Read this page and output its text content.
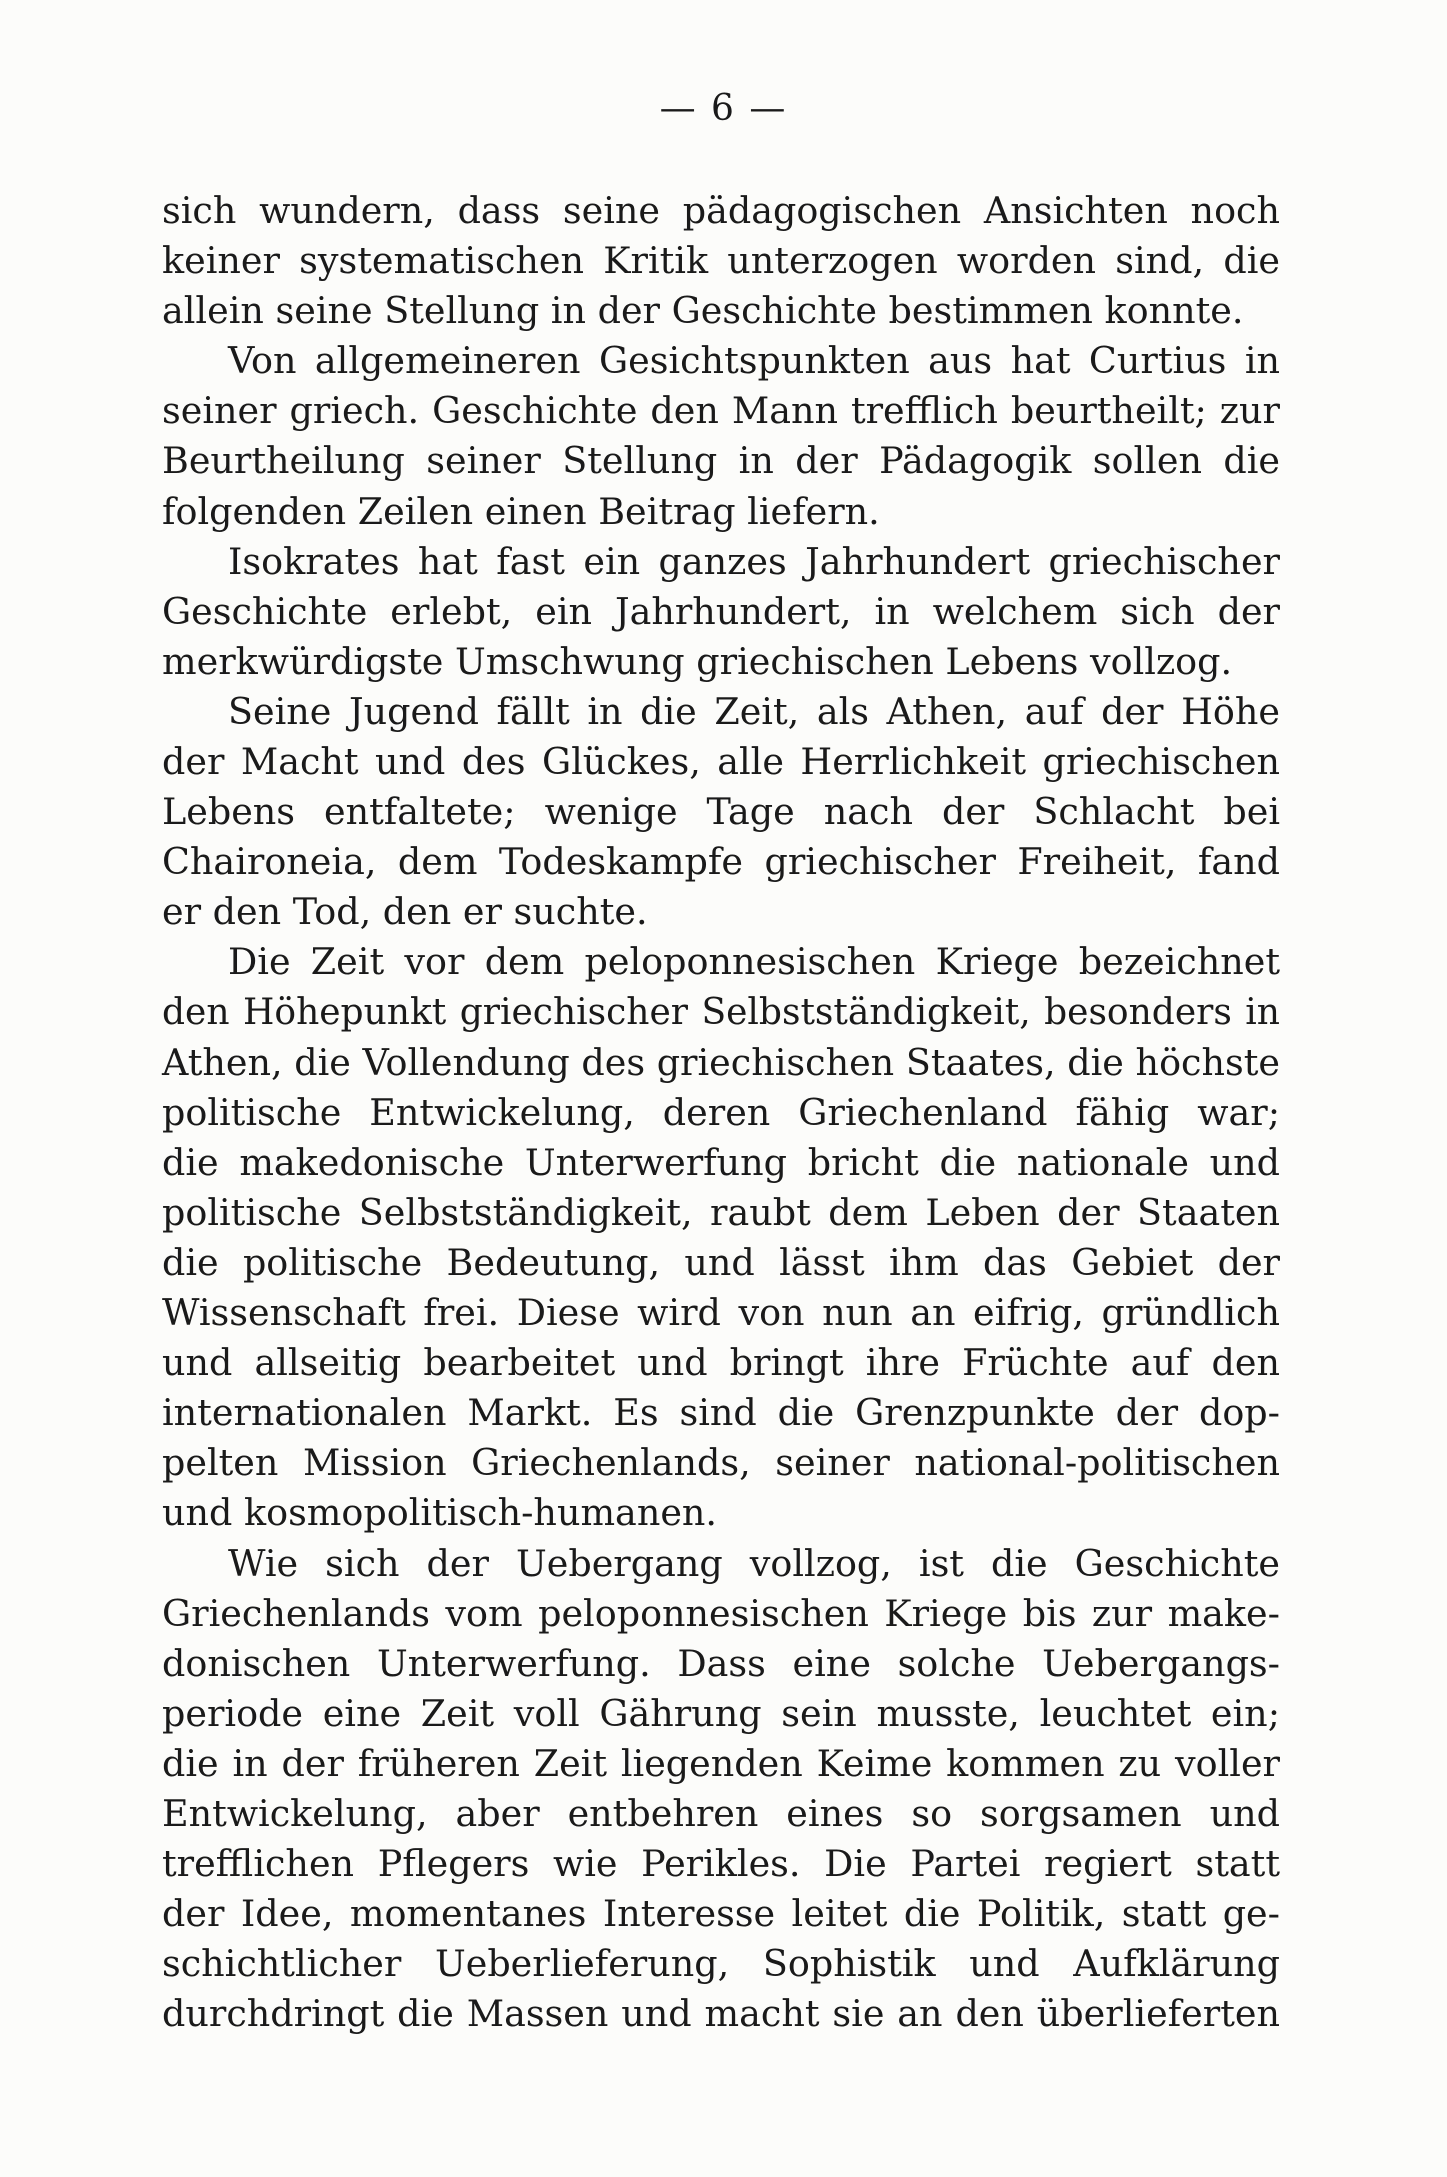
— 6 —
sich wundern, dass seine pädagogischen Ansichten noch
keiner systematischen Kritik unterzogen worden sind, die
allein seine Stellung in der Geschichte bestimmen konnte.
Von allgemeineren Gesichtspunkten aus hat Curtius in
seiner griech. Geschichte den Mann trefflich beurtheilt; zur
Beurtheilung seiner Stellung in der Pädagogik sollen die
folgenden Zeilen einen Beitrag liefern.
Isokrates hat fast ein ganzes Jahrhundert griechischer
Geschichte erlebt, ein Jahrhundert, in welchem sich der
merkwürdigste Umschwung griechischen Lebens vollzog.
Seine Jugend fällt in die Zeit, als Athen, auf der Höhe
der Macht und des Glückes, alle Herrlichkeit griechischen
Lebens entfaltete; wenige Tage nach der Schlacht bei
Chaironeia, dem Todeskampfe griechischer Freiheit, fand
er den Tod, den er suchte.
Die Zeit vor dem peloponnesischen Kriege bezeichnet
den Höhepunkt griechischer Selbstständigkeit, besonders in
Athen, die Vollendung des griechischen Staates, die höchste
politische Entwickelung, deren Griechenland fähig war;
die makedonische Unterwerfung bricht die nationale und
politische Selbstständigkeit, raubt dem Leben der Staaten
die politische Bedeutung, und lässt ihm das Gebiet der
Wissenschaft frei. Diese wird von nun an eifrig, gründlich
und allseitig bearbeitet und bringt ihre Früchte auf den
internationalen Markt. Es sind die Grenzpunkte der dop-
pelten Mission Griechenlands, seiner national-politischen
und kosmopolitisch-humanen.
Wie sich der Uebergang vollzog, ist die Geschichte
Griechenlands vom peloponnesischen Kriege bis zur make-
donischen Unterwerfung. Dass eine solche Uebergangs-
periode eine Zeit voll Gährung sein musste, leuchtet ein;
die in der früheren Zeit liegenden Keime kommen zu voller
Entwickelung, aber entbehren eines so sorgsamen und
trefflichen Pflegers wie Perikles. Die Partei regiert statt
der Idee, momentanes Interesse leitet die Politik, statt ge-
schichtlicher Ueberlieferung, Sophistik und Aufklärung
durchdringt die Massen und macht sie an den überlieferten
